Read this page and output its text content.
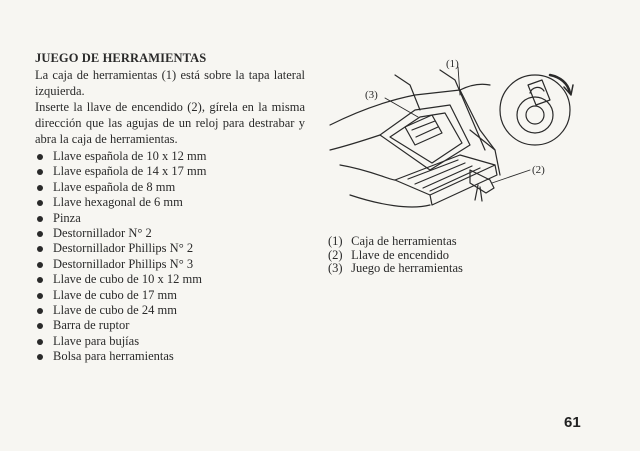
JUEGO DE HERRAMIENTAS

La caja de herramientas (1) está sobre la tapa lateral izquierda.

Inserte la llave de encendido (2), gírela en la misma dirección que las agujas de un reloj para destrabar y abra la caja de herramientas.

Llave española de 10 x 12 mm
Llave española de 14 x 17 mm
Llave española de 8 mm
Llave hexagonal de 6 mm
Pinza
Destornillador N° 2
Destornillador Phillips N° 2
Destornillador Phillips N° 3
Llave de cubo de 10 x 12 mm
Llave de cubo de 17 mm
Llave de cubo de 24 mm
Barra de ruptor
Llave para bujías
Bolsa para herramientas
(1)
(2)
(3)

(1) Caja de herramientas

(2) Llave de encendido

(3) Juego de herramientas

61
